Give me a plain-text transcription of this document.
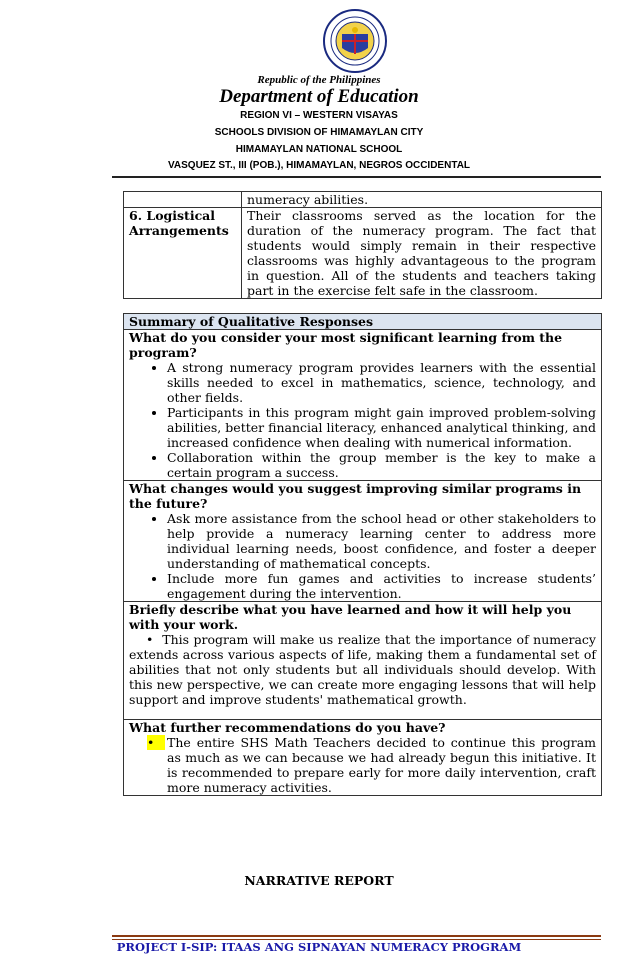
Republic of the Philippines
Department of Education
REGION VI – WESTERN VISAYAS
SCHOOLS DIVISION OF HIMAMAYLAN CITY
HIMAMAYLAN NATIONAL SCHOOL
VASQUEZ ST., III (POB.), HIMAMAYLAN, NEGROS OCCIDENTAL
	numeracy abilities.

6. Logistical
Arrangements	Their classrooms served as the location for the duration of the numeracy program. The fact that students would simply remain in their respective classrooms was highly advantageous to the program in question. All of the students and teachers taking part in the exercise felt safe in the classroom.
Summary of Qualitative Responses

What do you consider your most significant learning from the program?
• A strong numeracy program provides learners with the essential skills needed to excel in mathematics, science, technology, and other fields.
• Participants in this program might gain improved problem-solving abilities, better financial literacy, enhanced analytical thinking, and increased confidence when dealing with numerical information.
• Collaboration within the group member is the key to make a certain program a success.

What changes would you suggest improving similar programs in the future?
• Ask more assistance from the school head or other stakeholders to help provide a numeracy learning center to address more individual learning needs, boost confidence, and foster a deeper understanding of mathematical concepts.
• Include more fun games and activities to increase students’ engagement during the intervention.

Briefly describe what you have learned and how it will help you with your work.
•  This program will make us realize that the importance of numeracy extends across various aspects of life, making them a fundamental set of abilities that not only students but all individuals should develop. With this new perspective, we can create more engaging lessons that will help support and improve students' mathematical growth.

What further recommendations do you have?
•	The entire SHS Math Teachers decided to continue this program as much as we can because we had already begun this initiative. It is recommended to prepare early for more daily intervention, craft more numeracy activities.
NARRATIVE REPORT
PROJECT I-SIP: ITAAS ANG SIPNAYAN NUMERACY PROGRAM
